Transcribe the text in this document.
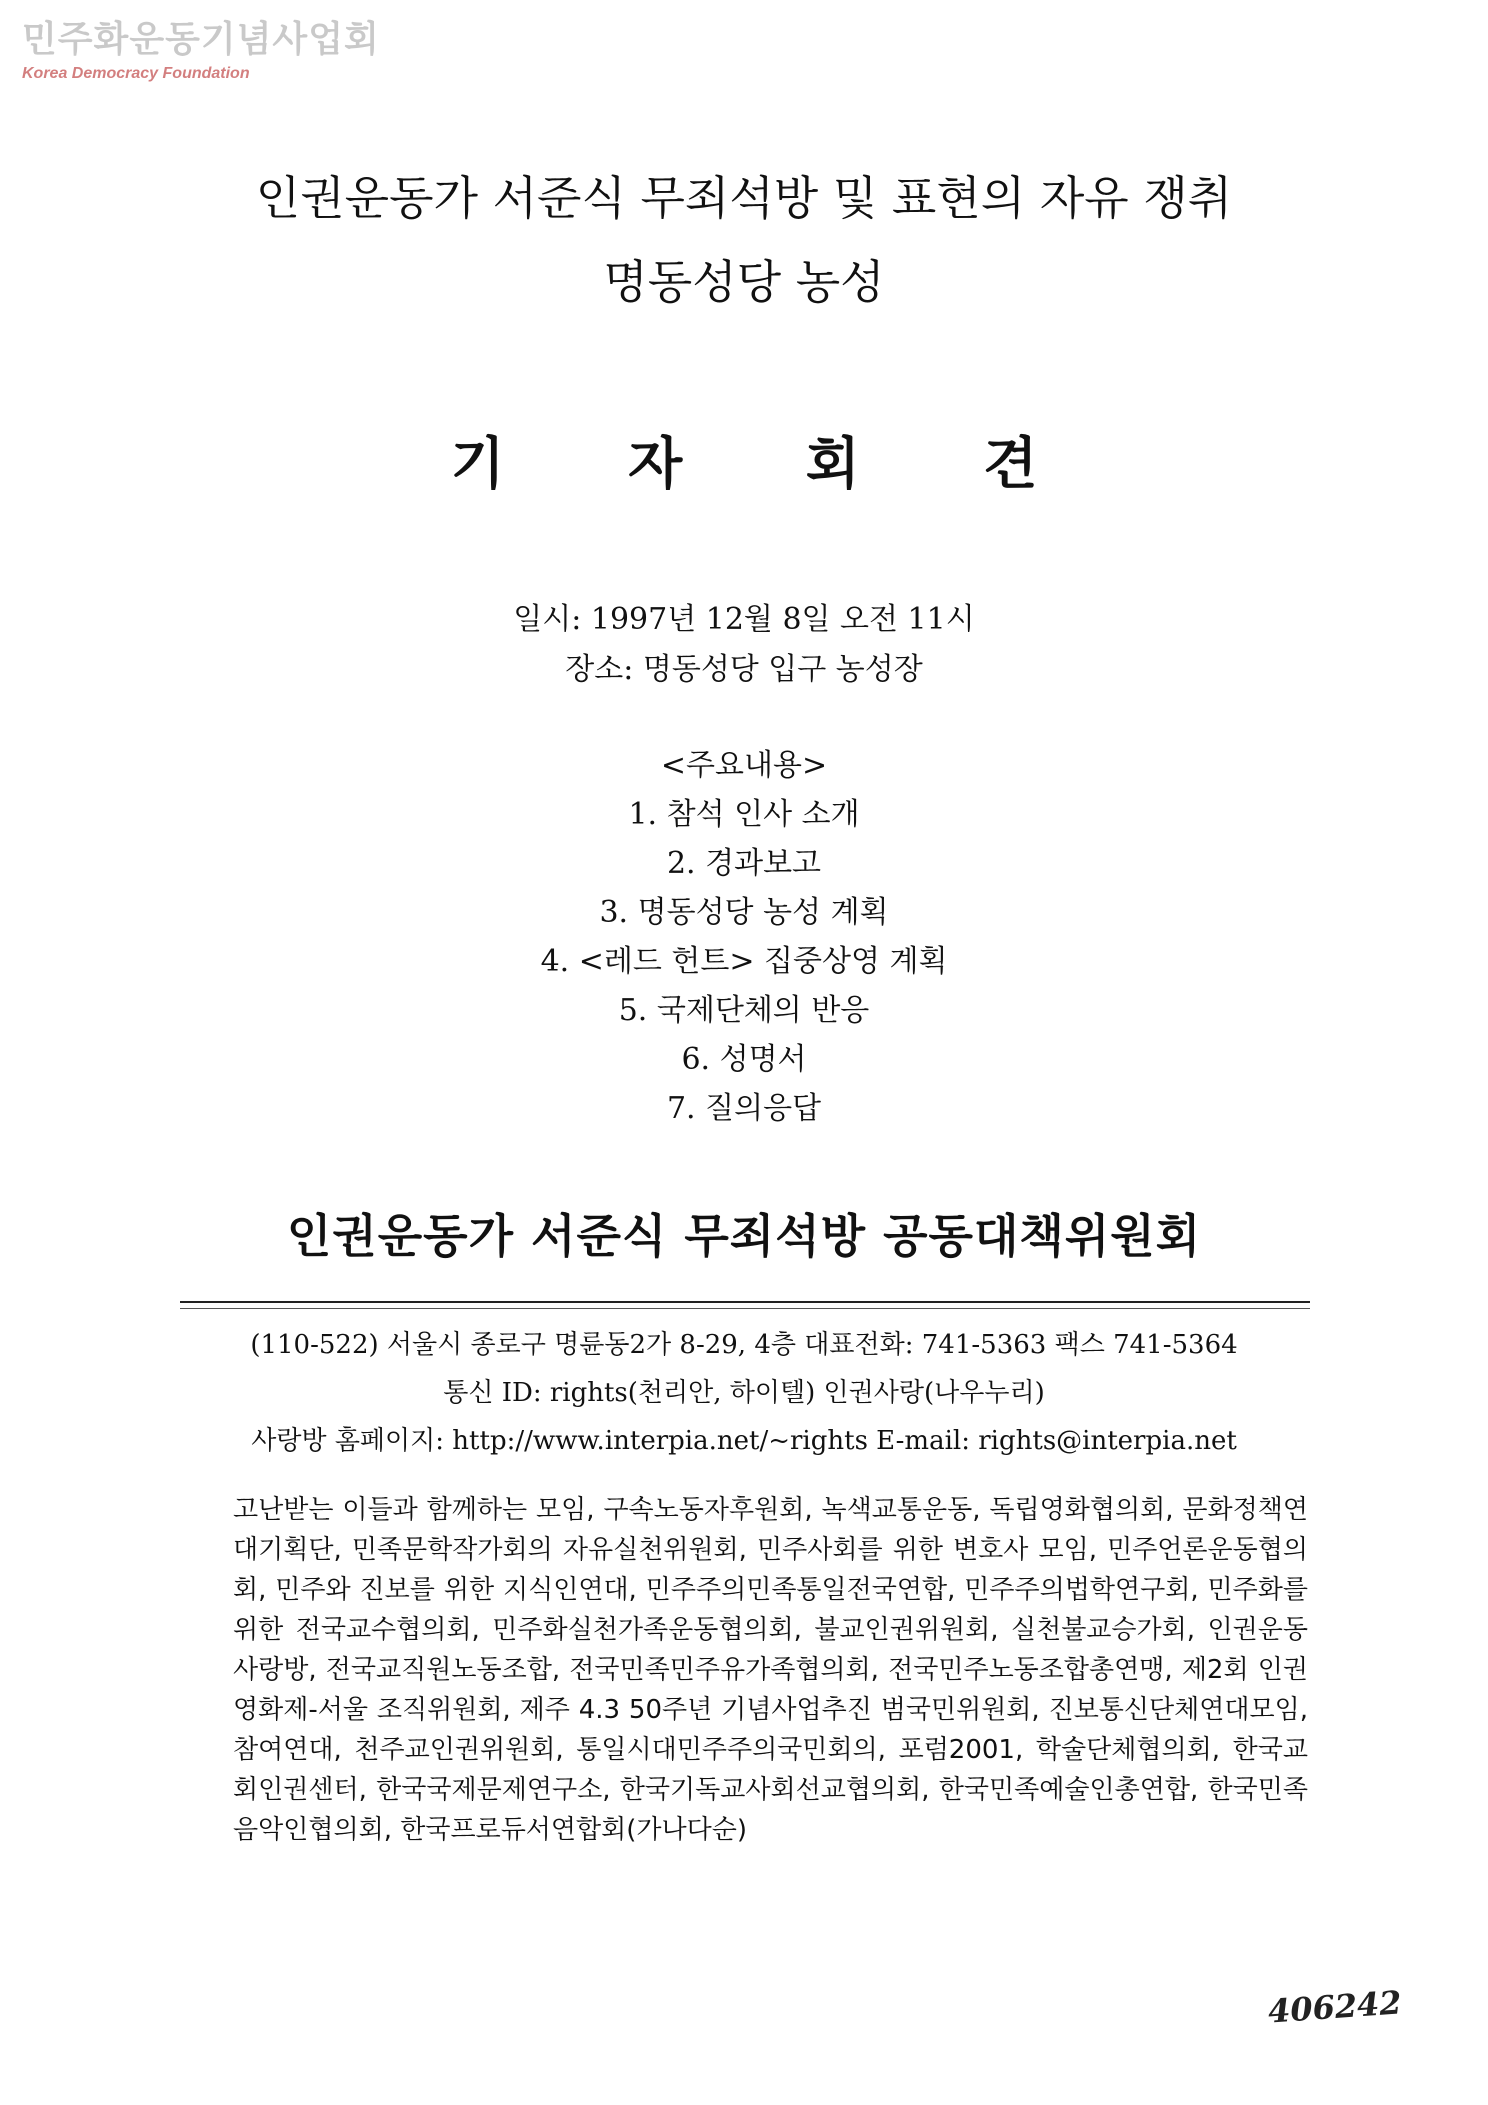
민주화운동기념사업회
Korea Democracy Foundation
인권운동가 서준식 무죄석방 및 표현의 자유 쟁취
명동성당 농성
기 자 회 견
일시: 1997년 12월 8일 오전 11시
장소: 명동성당 입구 농성장
<주요내용>
1. 참석 인사 소개
2. 경과보고
3. 명동성당 농성 계획
4. <레드 헌트> 집중상영 계획
5. 국제단체의 반응
6. 성명서
7. 질의응답
인권운동가 서준식 무죄석방 공동대책위원회
(110-522) 서울시 종로구 명륜동2가 8-29, 4층 대표전화: 741-5363 팩스 741-5364
통신 ID: rights(천리안, 하이텔) 인권사랑(나우누리)
사랑방 홈페이지: http://www.interpia.net/~rights E-mail: rights@interpia.net
고난받는 이들과 함께하는 모임, 구속노동자후원회, 녹색교통운동, 독립영화협의회, 문화정책연대기획단, 민족문학작가회의 자유실천위원회, 민주사회를 위한 변호사 모임, 민주언론운동협의회, 민주와 진보를 위한 지식인연대, 민주주의민족통일전국연합, 민주주의법학연구회, 민주화를 위한 전국교수협의회, 민주화실천가족운동협의회, 불교인권위원회, 실천불교승가회, 인권운동사랑방, 전국교직원노동조합, 전국민족민주유가족협의회, 전국민주노동조합총연맹, 제2회 인권영화제-서울 조직위원회, 제주 4.3 50주년 기념사업추진 범국민위원회, 진보통신단체연대모임, 참여연대, 천주교인권위원회, 통일시대민주주의국민회의, 포럼2001, 학술단체협의회, 한국교회인권센터, 한국국제문제연구소, 한국기독교사회선교협의회, 한국민족예술인총연합, 한국민족음악인협의회, 한국프로듀서연합회(가나다순)
406242
